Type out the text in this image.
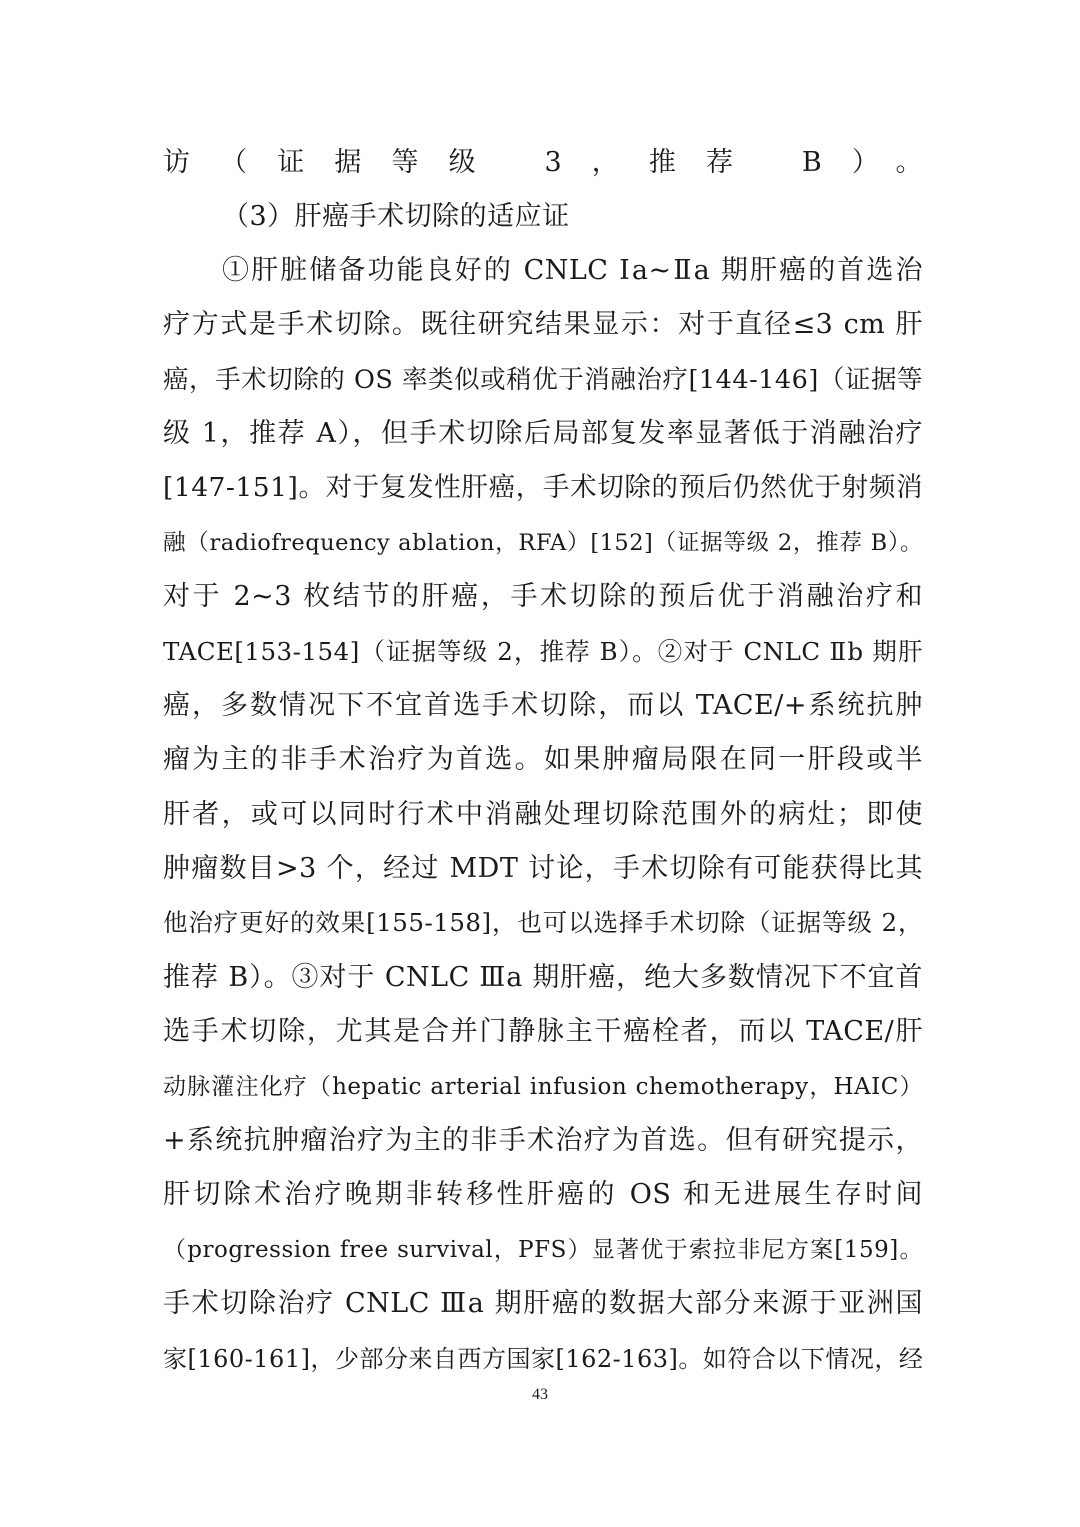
访（证据等级 3，推荐 B）。
（3）肝癌手术切除的适应证
①肝脏储备功能良好的 CNLC Ⅰa~Ⅱa 期肝癌的首选治
疗方式是手术切除。既往研究结果显示：对于直径≤3 cm 肝
癌，手术切除的 OS 率类似或稍优于消融治疗[144-146]（证据等
级 1，推荐 A），但手术切除后局部复发率显著低于消融治疗
[147-151]。对于复发性肝癌，手术切除的预后仍然优于射频消
融（radiofrequency ablation，RFA）[152]（证据等级 2，推荐 B）。
对于 2~3 枚结节的肝癌，手术切除的预后优于消融治疗和
TACE[153-154]（证据等级 2，推荐 B）。②对于 CNLC Ⅱb 期肝
癌，多数情况下不宜首选手术切除，而以 TACE/+系统抗肿
瘤为主的非手术治疗为首选。如果肿瘤局限在同一肝段或半
肝者，或可以同时行术中消融处理切除范围外的病灶；即使
肿瘤数目>3 个，经过 MDT 讨论，手术切除有可能获得比其
他治疗更好的效果[155-158]，也可以选择手术切除（证据等级 2，
推荐 B）。③对于 CNLC Ⅲa 期肝癌，绝大多数情况下不宜首
选手术切除，尤其是合并门静脉主干癌栓者，而以 TACE/肝
动脉灌注化疗（hepatic arterial infusion chemotherapy，HAIC）
+系统抗肿瘤治疗为主的非手术治疗为首选。但有研究提示，
肝切除术治疗晚期非转移性肝癌的 OS 和无进展生存时间
（progression free survival，PFS）显著优于索拉非尼方案[159]。
手术切除治疗 CNLC Ⅲa 期肝癌的数据大部分来源于亚洲国
家[160-161]，少部分来自西方国家[162-163]。如符合以下情况，经
43
